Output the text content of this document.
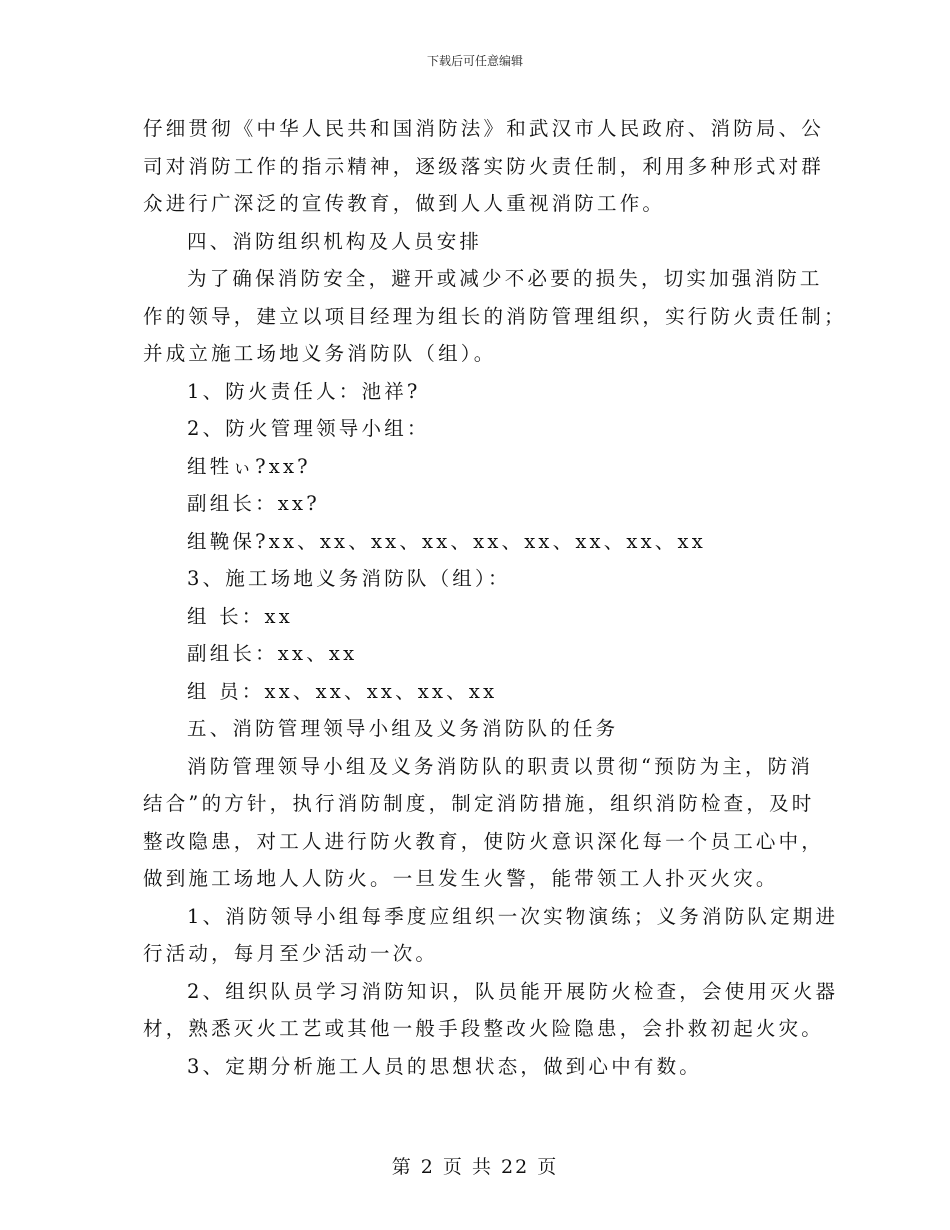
下载后可任意编辑
仔细贯彻《中华人民共和国消防法》和武汉市人民政府、消防局、公
司对消防工作的指示精神，逐级落实防火责任制，利用多种形式对群
众进行广深泛的宣传教育，做到人人重视消防工作。
四、消防组织机构及人员安排
为了确保消防安全，避开或减少不必要的损失，切实加强消防工
作的领导，建立以项目经理为组长的消防管理组织，实行防火责任制；
并成立施工场地义务消防队（组）。
1、防火责任人：池祥?
2、防火管理领导小组：
组牲ぃ?xx?
副组长：xx?
组鞔保?xx、xx、xx、xx、xx、xx、xx、xx、xx
3、施工场地义务消防队（组）：
组 长：xx
副组长：xx、xx
组 员：xx、xx、xx、xx、xx
五、消防管理领导小组及义务消防队的任务
消防管理领导小组及义务消防队的职责以贯彻“预防为主，防消
结合”的方针，执行消防制度，制定消防措施，组织消防检查，及时
整改隐患，对工人进行防火教育，使防火意识深化每一个员工心中，
做到施工场地人人防火。一旦发生火警，能带领工人扑灭火灾。
1、消防领导小组每季度应组织一次实物演练；义务消防队定期进
行活动，每月至少活动一次。
2、组织队员学习消防知识，队员能开展防火检查，会使用灭火器
材，熟悉灭火工艺或其他一般手段整改火险隐患，会扑救初起火灾。
3、定期分析施工人员的思想状态，做到心中有数。
第 2 页 共 22 页
